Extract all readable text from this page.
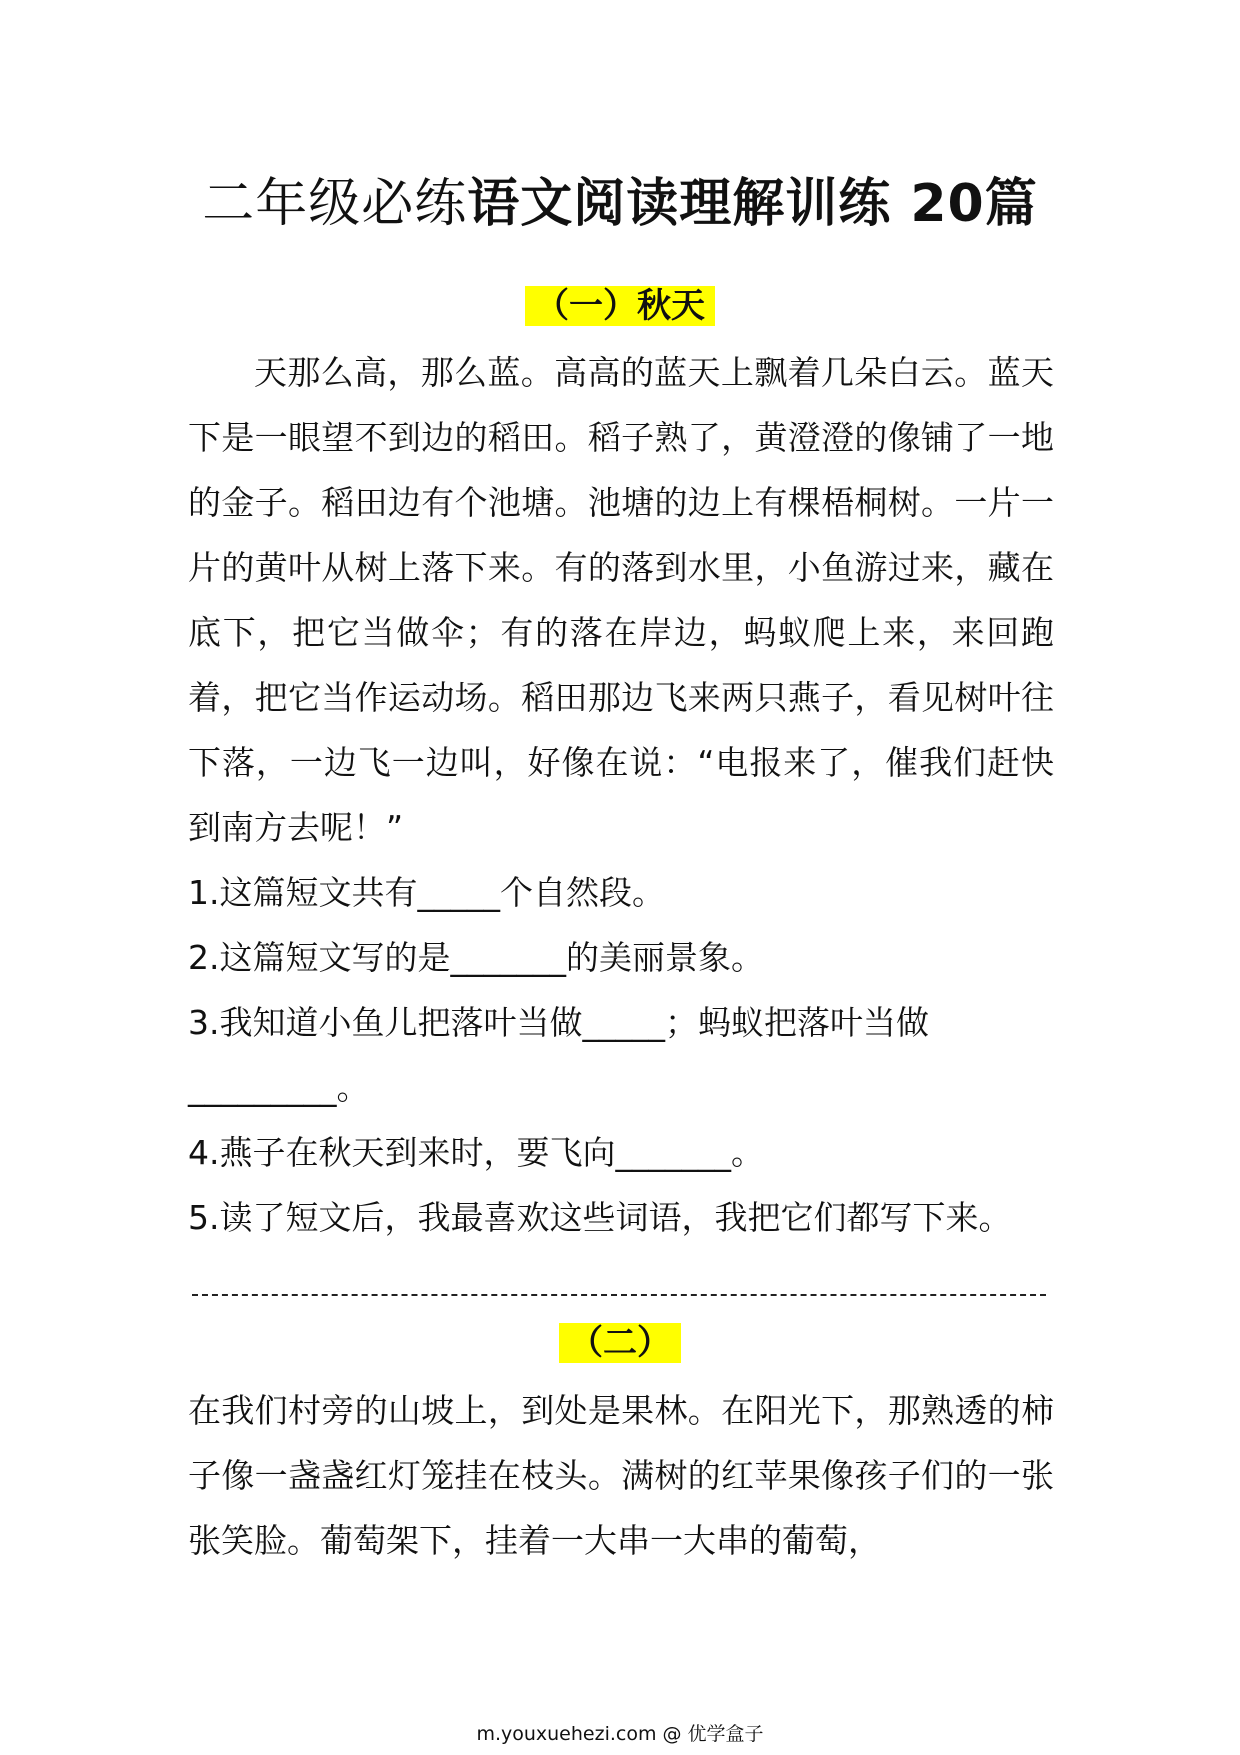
二年级必练语文阅读理解训练 20篇
（一）秋天
天那么高，那么蓝。高高的蓝天上飘着几朵白云。蓝天下是一眼望不到边的稻田。稻子熟了，黄澄澄的像铺了一地的金子。稻田边有个池塘。池塘的边上有棵梧桐树。一片一片的黄叶从树上落下来。有的落到水里，小鱼游过来，藏在底下，把它当做伞；有的落在岸边，蚂蚁爬上来，来回跑着，把它当作运动场。稻田那边飞来两只燕子，看见树叶往下落，一边飞一边叫，好像在说：“电报来了，催我们赶快到南方去呢！”
1.这篇短文共有_____个自然段。
2.这篇短文写的是_______的美丽景象。
3.我知道小鱼儿把落叶当做_____；蚂蚁把落叶当做
_________。
4.燕子在秋天到来时，要飞向_______。
5.读了短文后，我最喜欢这些词语，我把它们都写下来。
（二）
在我们村旁的山坡上，到处是果林。在阳光下，那熟透的柿子像一盏盏红灯笼挂在枝头。满树的红苹果像孩子们的一张张笑脸。葡萄架下，挂着一大串一大串的葡萄，
m.youxuehezi.com @ 优学盒子
